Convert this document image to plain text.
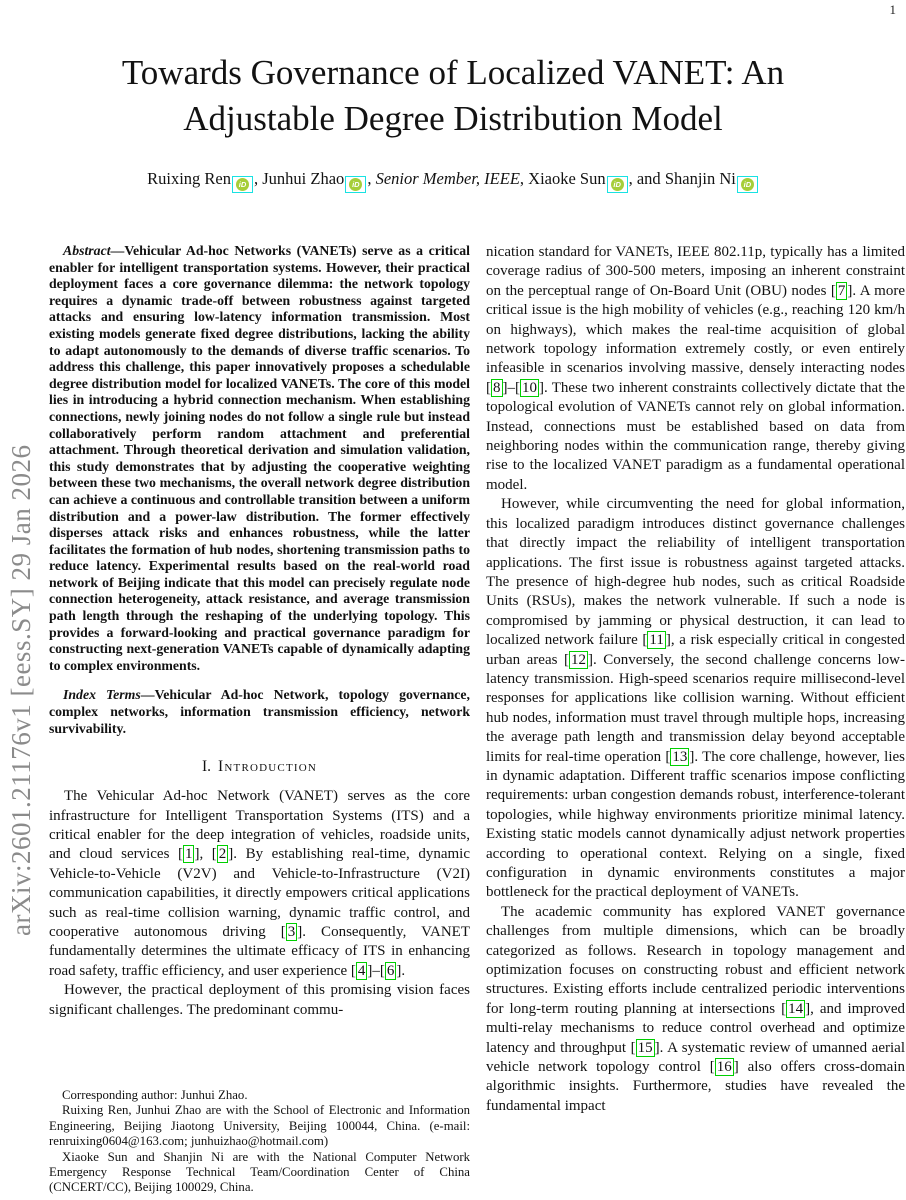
1
arXiv:2601.21176v1 [eess.SY] 29 Jan 2026
Towards Governance of Localized VANET: An
Adjustable Degree Distribution Model
Ruixing Ren iD , Junhui Zhao iD , Senior Member, IEEE, Xiaoke Sun iD , and Shanjin Ni iD

Abstract—Vehicular Ad-hoc Networks (VANETs) serve as a critical enabler for intelligent transportation systems. However, their practical deployment faces a core governance dilemma: the network topology requires a dynamic trade-off between robustness against targeted attacks and ensuring low-latency information transmission. Most existing models generate fixed degree distributions, lacking the ability to adapt autonomously to the demands of diverse traffic scenarios. To address this challenge, this paper innovatively proposes a schedulable degree distribution model for localized VANETs. The core of this model lies in introducing a hybrid connection mechanism. When establishing connections, newly joining nodes do not follow a single rule but instead collaboratively perform random attachment and preferential attachment. Through theoretical derivation and simulation validation, this study demonstrates that by adjusting the cooperative weighting between these two mechanisms, the overall network degree distribution can achieve a continuous and controllable transition between a uniform distribution and a power-law distribution. The former effectively disperses attack risks and enhances robustness, while the latter facilitates the formation of hub nodes, shortening transmission paths to reduce latency. Experimental results based on the real-world road network of Beijing indicate that this model can precisely regulate node connection heterogeneity, attack resistance, and average transmission path length through the reshaping of the underlying topology. This provides a forward-looking and practical governance paradigm for constructing next-generation VANETs capable of dynamically adapting to complex environments.

Index Terms—Vehicular Ad-hoc Network, topology governance, complex networks, information transmission efficiency, network survivability.

I. Introduction

The Vehicular Ad-hoc Network (VANET) serves as the core infrastructure for Intelligent Transportation Systems (ITS) and a critical enabler for the deep integration of vehicles, roadside units, and cloud services [ 1 ], [ 2 ]. By establishing real-time, dynamic Vehicle-to-Vehicle (V2V) and Vehicle-to-Infrastructure (V2I) communication capabilities, it directly empowers critical applications such as real-time collision warning, dynamic traffic control, and cooperative autonomous driving [ 3 ]. Consequently, VANET fundamentally determines the ultimate efficacy of ITS in enhancing road safety, traffic efficiency, and user experience [ 4 ]–[ 6 ].

However, the practical deployment of this promising vision faces significant challenges. The predominant commu-

Corresponding author: Junhui Zhao.

Ruixing Ren, Junhui Zhao are with the School of Electronic and Information Engineering, Beijing Jiaotong University, Beijing 100044, China. (e-mail: renruixing0604@163.com; junhuizhao@hotmail.com)

Xiaoke Sun and Shanjin Ni are with the National Computer Network Emergency Response Technical Team/Coordination Center of China (CNCERT/CC), Beijing 100029, China.

nication standard for VANETs, IEEE 802.11p, typically has a limited coverage radius of 300-500 meters, imposing an inherent constraint on the perceptual range of On-Board Unit (OBU) nodes [ 7 ]. A more critical issue is the high mobility of vehicles (e.g., reaching 120 km/h on highways), which makes the real-time acquisition of global network topology information extremely costly, or even entirely infeasible in scenarios involving massive, densely interacting nodes [ 8 ]–[ 10 ]. These two inherent constraints collectively dictate that the topological evolution of VANETs cannot rely on global information. Instead, connections must be established based on data from neighboring nodes within the communication range, thereby giving rise to the localized VANET paradigm as a fundamental operational model.

However, while circumventing the need for global information, this localized paradigm introduces distinct governance challenges that directly impact the reliability of intelligent transportation applications. The first issue is robustness against targeted attacks. The presence of high-degree hub nodes, such as critical Roadside Units (RSUs), makes the network vulnerable. If such a node is compromised by jamming or physical destruction, it can lead to localized network failure [ 11 ], a risk especially critical in congested urban areas [ 12 ]. Conversely, the second challenge concerns low-latency transmission. High-speed scenarios require millisecond-level responses for applications like collision warning. Without efficient hub nodes, information must travel through multiple hops, increasing the average path length and transmission delay beyond acceptable limits for real-time operation [ 13 ]. The core challenge, however, lies in dynamic adaptation. Different traffic scenarios impose conflicting requirements: urban congestion demands robust, interference-tolerant topologies, while highway environments prioritize minimal latency. Existing static models cannot dynamically adjust network properties according to operational context. Relying on a single, fixed configuration in dynamic environments constitutes a major bottleneck for the practical deployment of VANETs.

The academic community has explored VANET governance challenges from multiple dimensions, which can be broadly categorized as follows. Research in topology management and optimization focuses on constructing robust and efficient network structures. Existing efforts include centralized periodic interventions for long-term routing planning at intersections [ 14 ], and improved multi-relay mechanisms to reduce control overhead and optimize latency and throughput [ 15 ]. A systematic review of umanned aerial vehicle network topology control [ 16 ] also offers cross-domain algorithmic insights. Furthermore, studies have revealed the fundamental impact
